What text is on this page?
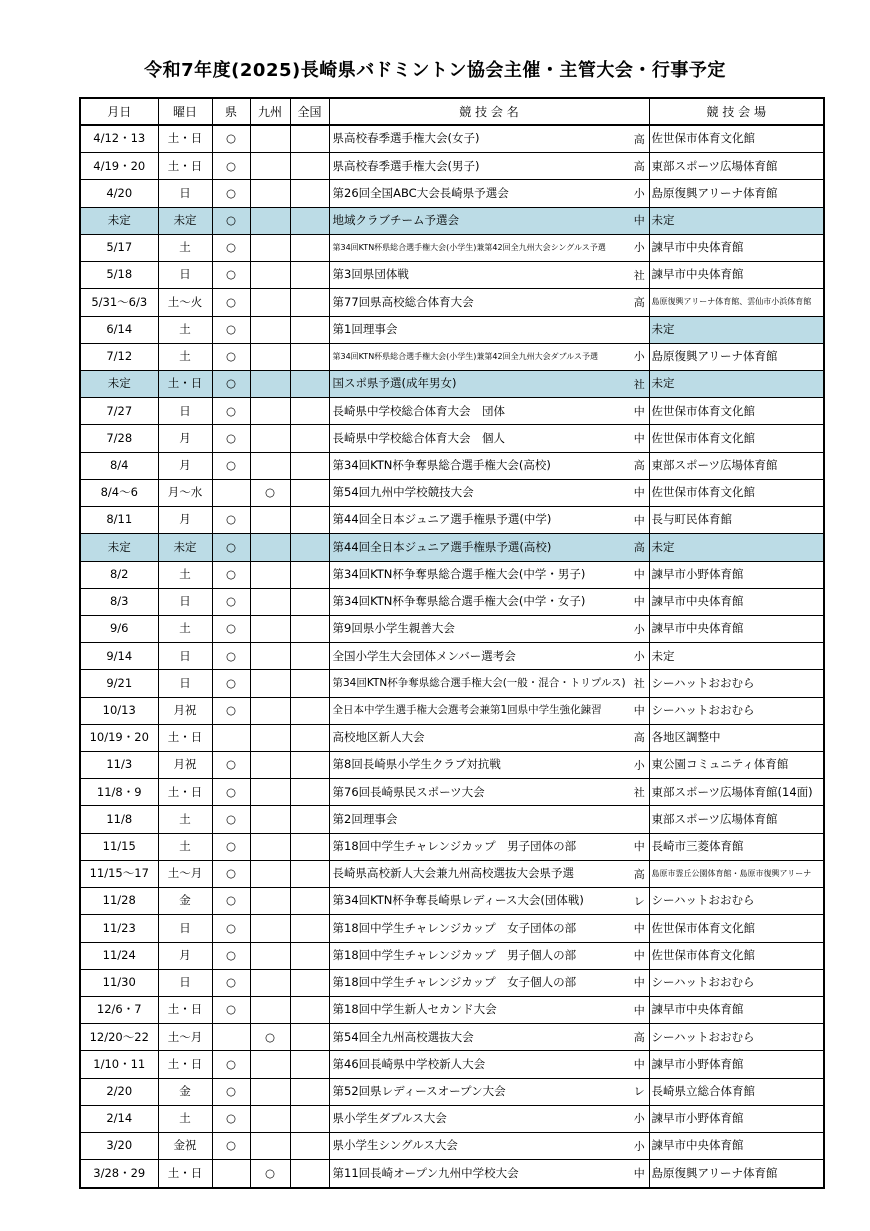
令和7年度(2025)長崎県バドミントン協会主催・主管大会・行事予定
月日	曜日	県	九州	全国	競 技 会 名		競 技 会 場
4/12・13	土・日	○			県高校春季選手権大会(女子)	高	佐世保市体育文化館
4/19・20	土・日	○			県高校春季選手権大会(男子)	高	東部スポーツ広場体育館
4/20	日	○			第26回全国ABC大会長崎県予選会	小	島原復興アリーナ体育館
未定	未定	○			地域クラブチーム予選会	中	未定
5/17	土	○			第34回KTN杯県総合選手権大会(小学生)兼第42回全九州大会シングルス予選	小	諫早市中央体育館
5/18	日	○			第3回県団体戦	社	諫早市中央体育館
5/31～6/3	土～火	○			第77回県高校総合体育大会	高	島原復興アリーナ体育館、雲仙市小浜体育館
6/14	土	○			第1回理事会		未定
7/12	土	○			第34回KTN杯県総合選手権大会(小学生)兼第42回全九州大会ダブルス予選	小	島原復興アリーナ体育館
未定	土・日	○			国スポ県予選(成年男女)	社	未定
7/27	日	○			長崎県中学校総合体育大会　団体	中	佐世保市体育文化館
7/28	月	○			長崎県中学校総合体育大会　個人	中	佐世保市体育文化館
8/4	月	○			第34回KTN杯争奪県総合選手権大会(高校)	高	東部スポーツ広場体育館
8/4～6	月～水		○		第54回九州中学校競技大会	中	佐世保市体育文化館
8/11	月	○			第44回全日本ジュニア選手権県予選(中学)	中	長与町民体育館
未定	未定	○			第44回全日本ジュニア選手権県予選(高校)	高	未定
8/2	土	○			第34回KTN杯争奪県総合選手権大会(中学・男子)	中	諫早市小野体育館
8/3	日	○			第34回KTN杯争奪県総合選手権大会(中学・女子)	中	諫早市中央体育館
9/6	土	○			第9回県小学生親善大会	小	諫早市中央体育館
9/14	日	○			全国小学生大会団体メンバー選考会	小	未定
9/21	日	○			第34回KTN杯争奪県総合選手権大会(一般・混合・トリプルス)	社	シーハットおおむら
10/13	月祝	○			全日本中学生選手権大会選考会兼第1回県中学生強化錬習	中	シーハットおおむら
10/19・20	土・日				高校地区新人大会	高	各地区調整中
11/3	月祝	○			第8回長崎県小学生クラブ対抗戦	小	東公園コミュニティ体育館
11/8・9	土・日	○			第76回長崎県民スポーツ大会	社	東部スポーツ広場体育館(14面)
11/8	土	○			第2回理事会		東部スポーツ広場体育館
11/15	土	○			第18回中学生チャレンジカップ　男子団体の部	中	長崎市三菱体育館
11/15～17	土～月	○			長崎県高校新人大会兼九州高校選抜大会県予選	高	島原市霊丘公園体育館・島原市復興アリーナ
11/28	金	○			第34回KTN杯争奪長崎県レディース大会(団体戦)	レ	シーハットおおむら
11/23	日	○			第18回中学生チャレンジカップ　女子団体の部	中	佐世保市体育文化館
11/24	月	○			第18回中学生チャレンジカップ　男子個人の部	中	佐世保市体育文化館
11/30	日	○			第18回中学生チャレンジカップ　女子個人の部	中	シーハットおおむら
12/6・7	土・日	○			第18回中学生新人セカンド大会	中	諫早市中央体育館
12/20～22	土～月		○		第54回全九州高校選抜大会	高	シーハットおおむら
1/10・11	土・日	○			第46回長崎県中学校新人大会	中	諫早市小野体育館
2/20	金	○			第52回県レディースオープン大会	レ	長崎県立総合体育館
2/14	土	○			県小学生ダブルス大会	小	諫早市小野体育館
3/20	金祝	○			県小学生シングルス大会	小	諫早市中央体育館
3/28・29	土・日		○		第11回長崎オープン九州中学校大会	中	島原復興アリーナ体育館
